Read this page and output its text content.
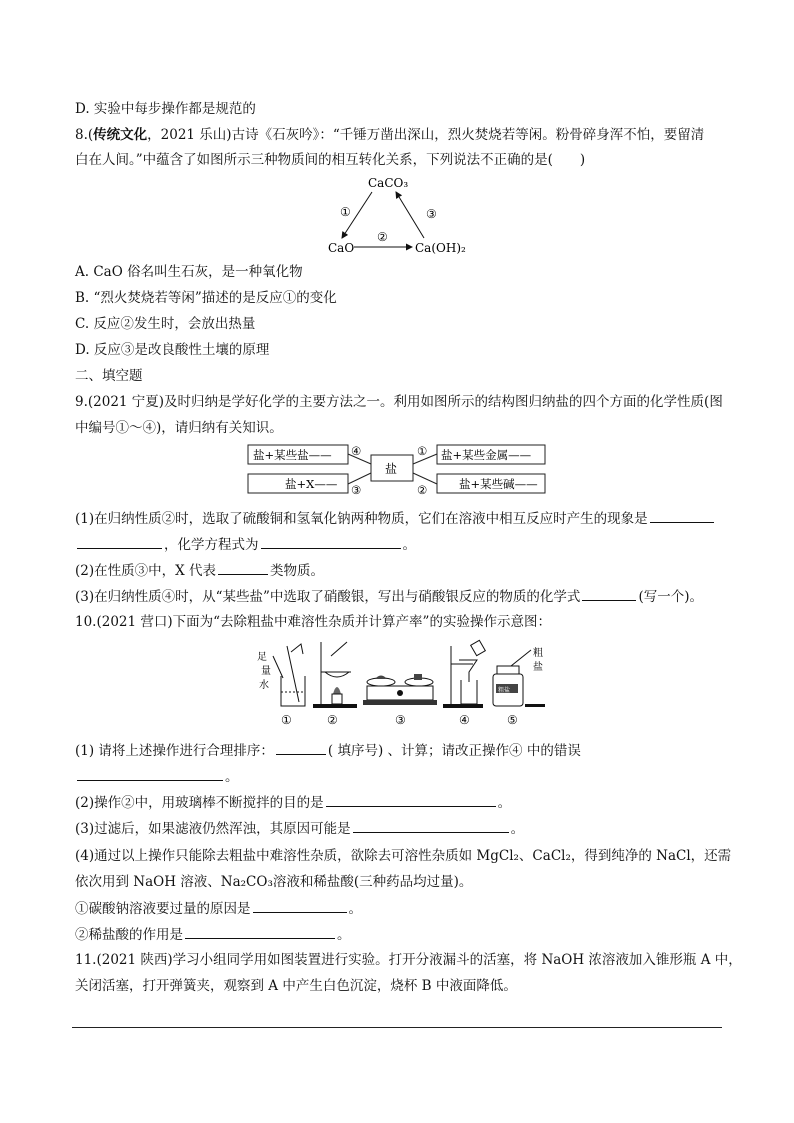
D. 实验中每步操作都是规范的
8.(传统文化，2021 乐山)古诗《石灰吟》：“千锤万凿出深山，烈火焚烧若等闲。粉骨碎身浑不怕，要留清
白在人间。”中蕴含了如图所示三种物质间的相互转化关系，下列说法不正确的是(　　)
CaCO₃
CaO	Ca(OH)₂
①
②
③
A. CaO 俗名叫生石灰，是一种氧化物
B. “烈火焚烧若等闲”描述的是反应①的变化
C. 反应②发生时，会放出热量
D. 反应③是改良酸性土壤的原理
二、填空题
9.(2021 宁夏)及时归纳是学好化学的主要方法之一。利用如图所示的结构图归纳盐的四个方面的化学性质(图
中编号①～④)，请归纳有关知识。
盐+某些盐——
盐+X——
盐
盐+某些金属——
盐+某些碱——
④
③
①
②
(1)在归纳性质②时，选取了硫酸铜和氢氧化钠两种物质，它们在溶液中相互反应时产生的现象是
，化学方程式为	。
(2)在性质③中，X 代表	类物质。
(3)在归纳性质④时，从“某些盐”中选取了硝酸银，写出与硝酸银反应的物质的化学式	(写一个)。
10.(2021 营口)下面为“去除粗盐中难溶性杂质并计算产率”的实验操作示意图：
足
量
水
①	②	③	④
粗盐
粗
盐
⑤
(1) 请将上述操作进行合理排序：	( 填序号) 、计算；请改正操作④ 中的错误
。
(2)操作②中，用玻璃棒不断搅拌的目的是	。
(3)过滤后，如果滤液仍然浑浊，其原因可能是	。
(4)通过以上操作只能除去粗盐中难溶性杂质，欲除去可溶性杂质如 MgCl₂、CaCl₂，得到纯净的 NaCl，还需
依次用到 NaOH 溶液、Na₂CO₃溶液和稀盐酸(三种药品均过量)。
①碳酸钠溶液要过量的原因是	。
②稀盐酸的作用是	。
11.(2021 陕西)学习小组同学用如图装置进行实验。打开分液漏斗的活塞，将 NaOH 浓溶液加入锥形瓶 A 中，
关闭活塞，打开弹簧夹，观察到 A 中产生白色沉淀，烧杯 B 中液面降低。
